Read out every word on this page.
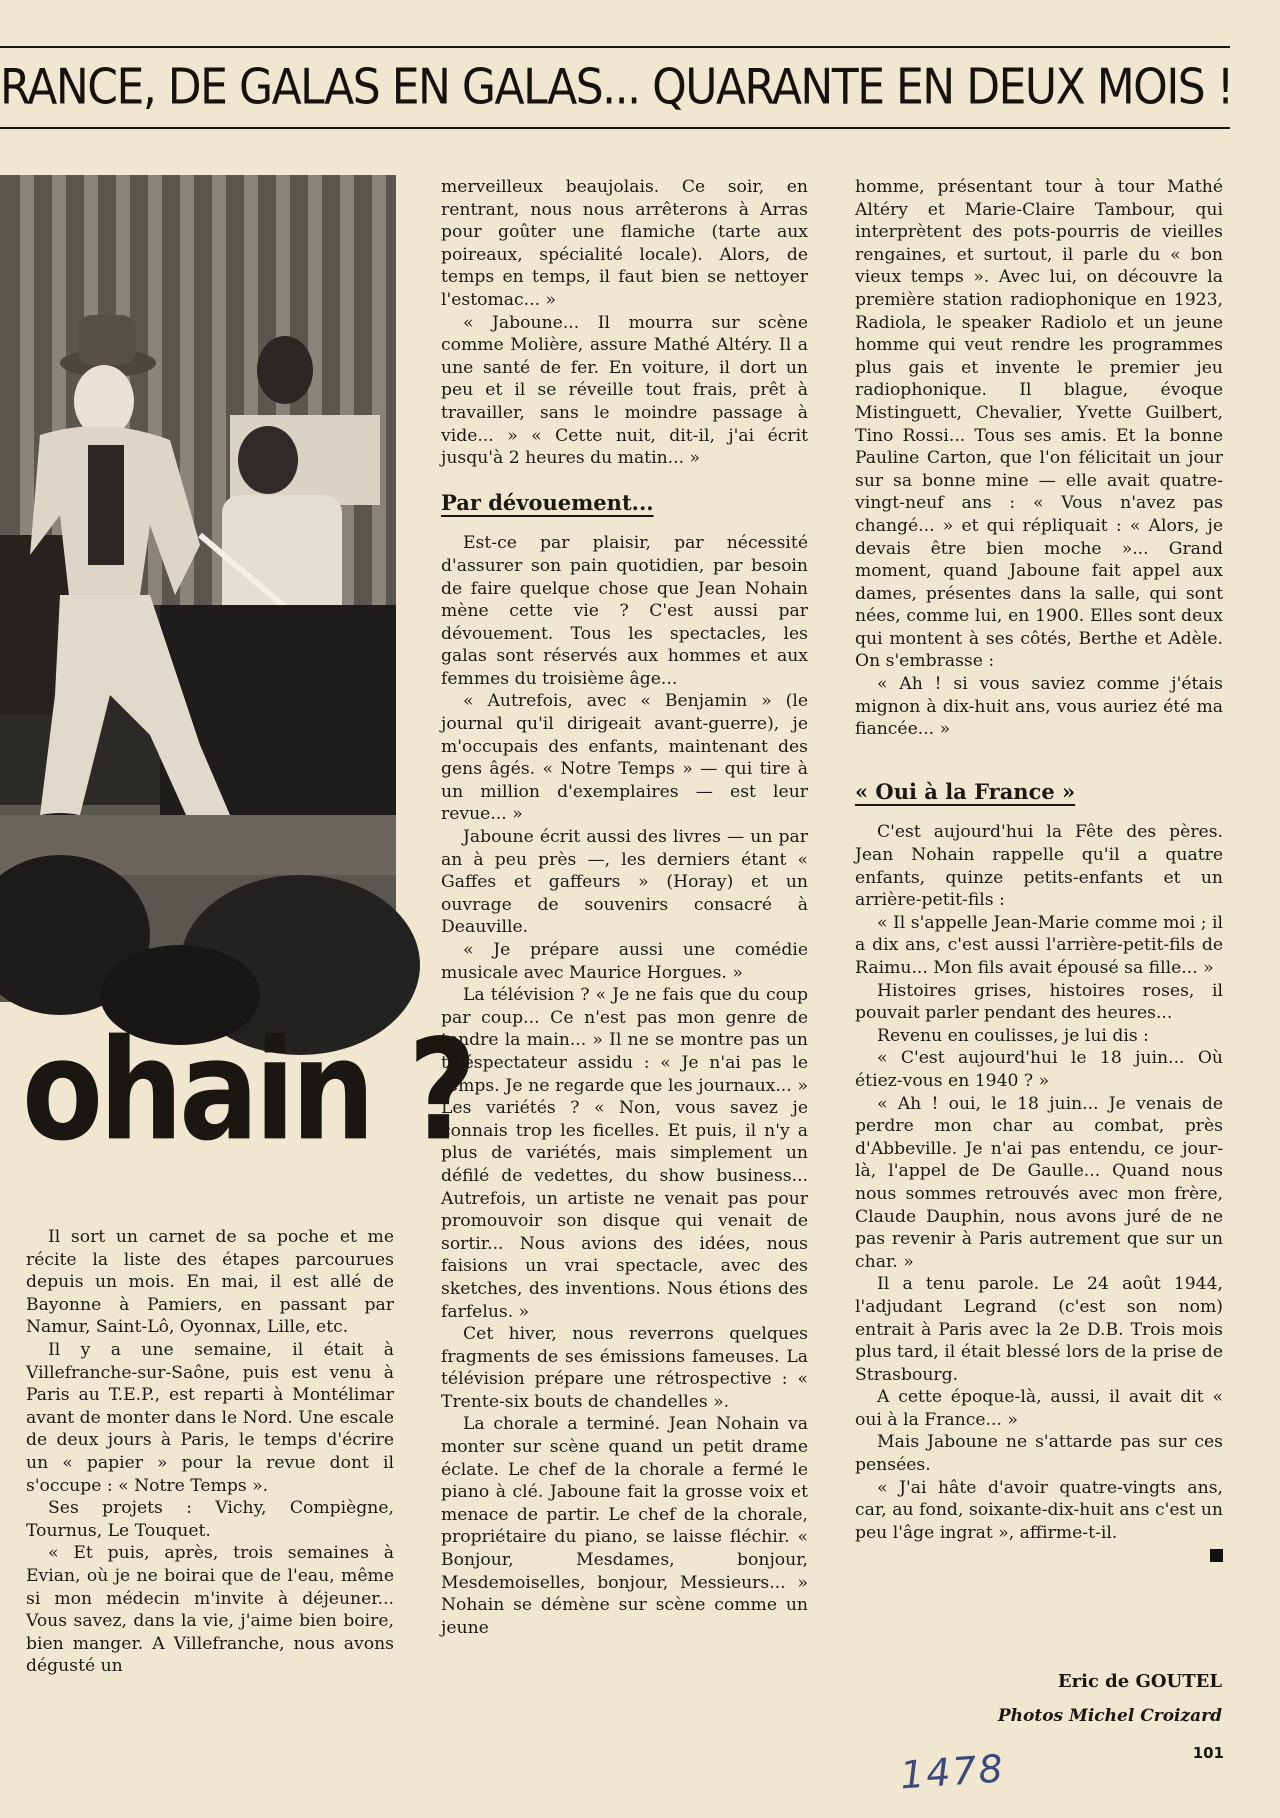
RANCE, DE GALAS EN GALAS... QUARANTE EN DEUX MOIS !
ohain ?

Il sort un carnet de sa poche et me récite la liste des étapes parcourues depuis un mois. En mai, il est allé de Bayonne à Pamiers, en passant par Namur, Saint-Lô, Oyonnax, Lille, etc.

Il y a une semaine, il était à Villefranche-sur-Saône, puis est venu à Paris au T.E.P., est reparti à Montélimar avant de monter dans le Nord. Une escale de deux jours à Paris, le temps d'écrire un « papier » pour la revue dont il s'occupe : « Notre Temps ».

Ses projets : Vichy, Compiègne, Tournus, Le Touquet.

« Et puis, après, trois semaines à Evian, où je ne boirai que de l'eau, même si mon médecin m'invite à déjeuner... Vous savez, dans la vie, j'aime bien boire, bien manger. A Villefranche, nous avons dégusté un

merveilleux beaujolais. Ce soir, en rentrant, nous nous arrêterons à Arras pour goûter une flamiche (tarte aux poireaux, spécialité locale). Alors, de temps en temps, il faut bien se nettoyer l'estomac... »

« Jaboune... Il mourra sur scène comme Molière, assure Mathé Altéry. Il a une santé de fer. En voiture, il dort un peu et il se réveille tout frais, prêt à travailler, sans le moindre passage à vide... » « Cette nuit, dit-il, j'ai écrit jusqu'à 2 heures du matin... »

Par dévouement...

Est-ce par plaisir, par nécessité d'assurer son pain quotidien, par besoin de faire quelque chose que Jean Nohain mène cette vie ? C'est aussi par dévouement. Tous les spectacles, les galas sont réservés aux hommes et aux femmes du troisième âge...

« Autrefois, avec « Benjamin » (le journal qu'il dirigeait avant-guerre), je m'occupais des enfants, maintenant des gens âgés. « Notre Temps » — qui tire à un million d'exemplaires — est leur revue... »

Jaboune écrit aussi des livres — un par an à peu près —, les derniers étant « Gaffes et gaffeurs » (Horay) et un ouvrage de souvenirs consacré à Deauville.

« Je prépare aussi une comédie musicale avec Maurice Horgues. »

La télévision ? « Je ne fais que du coup par coup... Ce n'est pas mon genre de tendre la main... » Il ne se montre pas un téléspectateur assidu : « Je n'ai pas le temps. Je ne regarde que les journaux... » Les variétés ? « Non, vous savez je connais trop les ficelles. Et puis, il n'y a plus de variétés, mais simplement un défilé de vedettes, du show business... Autrefois, un artiste ne venait pas pour promouvoir son disque qui venait de sortir... Nous avions des idées, nous faisions un vrai spectacle, avec des sketches, des inventions. Nous étions des farfelus. »

Cet hiver, nous reverrons quelques fragments de ses émissions fameuses. La télévision prépare une rétrospective : « Trente-six bouts de chandelles ».

La chorale a terminé. Jean Nohain va monter sur scène quand un petit drame éclate. Le chef de la chorale a fermé le piano à clé. Jaboune fait la grosse voix et menace de partir. Le chef de la chorale, propriétaire du piano, se laisse fléchir. « Bonjour, Mesdames, bonjour, Mesdemoiselles, bonjour, Messieurs... » Nohain se démène sur scène comme un jeune

homme, présentant tour à tour Mathé Altéry et Marie-Claire Tambour, qui interprètent des pots-pourris de vieilles rengaines, et surtout, il parle du « bon vieux temps ». Avec lui, on découvre la première station radiophonique en 1923, Radiola, le speaker Radiolo et un jeune homme qui veut rendre les programmes plus gais et invente le premier jeu radiophonique. Il blague, évoque Mistinguett, Chevalier, Yvette Guilbert, Tino Rossi... Tous ses amis. Et la bonne Pauline Carton, que l'on félicitait un jour sur sa bonne mine — elle avait quatre-vingt-neuf ans : « Vous n'avez pas changé... » et qui répliquait : « Alors, je devais être bien moche »... Grand moment, quand Jaboune fait appel aux dames, présentes dans la salle, qui sont nées, comme lui, en 1900. Elles sont deux qui montent à ses côtés, Berthe et Adèle. On s'embrasse :

« Ah ! si vous saviez comme j'étais mignon à dix-huit ans, vous auriez été ma fiancée... »

« Oui à la France »

C'est aujourd'hui la Fête des pères. Jean Nohain rappelle qu'il a quatre enfants, quinze petits-enfants et un arrière-petit-fils :

« Il s'appelle Jean-Marie comme moi ; il a dix ans, c'est aussi l'arrière-petit-fils de Raimu... Mon fils avait épousé sa fille... »

Histoires grises, histoires roses, il pouvait parler pendant des heures...

Revenu en coulisses, je lui dis :

« C'est aujourd'hui le 18 juin... Où étiez-vous en 1940 ? »

« Ah ! oui, le 18 juin... Je venais de perdre mon char au combat, près d'Abbeville. Je n'ai pas entendu, ce jour-là, l'appel de De Gaulle... Quand nous nous sommes retrouvés avec mon frère, Claude Dauphin, nous avons juré de ne pas revenir à Paris autrement que sur un char. »

Il a tenu parole. Le 24 août 1944, l'adjudant Legrand (c'est son nom) entrait à Paris avec la 2e D.B. Trois mois plus tard, il était blessé lors de la prise de Strasbourg.

A cette époque-là, aussi, il avait dit « oui à la France... »

Mais Jaboune ne s'attarde pas sur ces pensées.

« J'ai hâte d'avoir quatre-vingts ans, car, au fond, soixante-dix-huit ans c'est un peu l'âge ingrat », affirme-t-il.

Eric de GOUTEL
Photos Michel Croizard
1478	101
